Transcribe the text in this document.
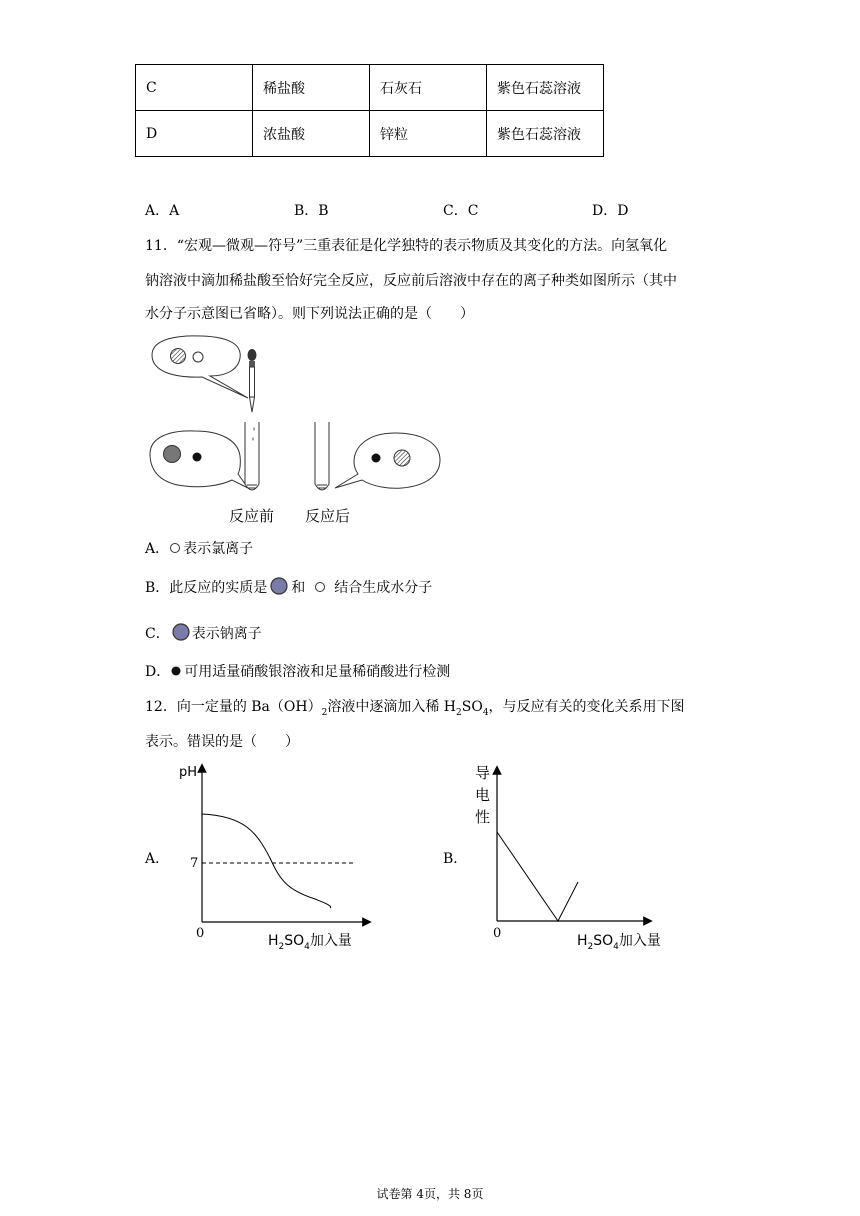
C	稀盐酸	石灰石	紫色石蕊溶液
D	浓盐酸	锌粒	紫色石蕊溶液
A．A	B．B	C．C	D．D
11．“宏观—微观—符号”三重表征是化学独特的表示物质及其变化的方法。向氢氧化
钠溶液中滴加稀盐酸至恰好完全反应，反应前后溶液中存在的离子种类如图所示（其中
水分子示意图已省略）。则下列说法正确的是（　　）
反应前 反应后
A． 表示氯离子
B．此反应的实质是 和 结合生成水分子
C． 表示钠离子
D． 可用适量硝酸银溶液和足量稀硝酸进行检测
12．向一定量的 $Ba(OH)_2$溶液中逐滴加入稀 $H_2SO_4$，与反应有关的变化关系用下图
表示。错误的是（　　）
A．
pH
7
0	$H_2SO_4$加入量
B．
导
电
性
0	$H_2SO_4$加入量
试卷第 4页，共 8页
